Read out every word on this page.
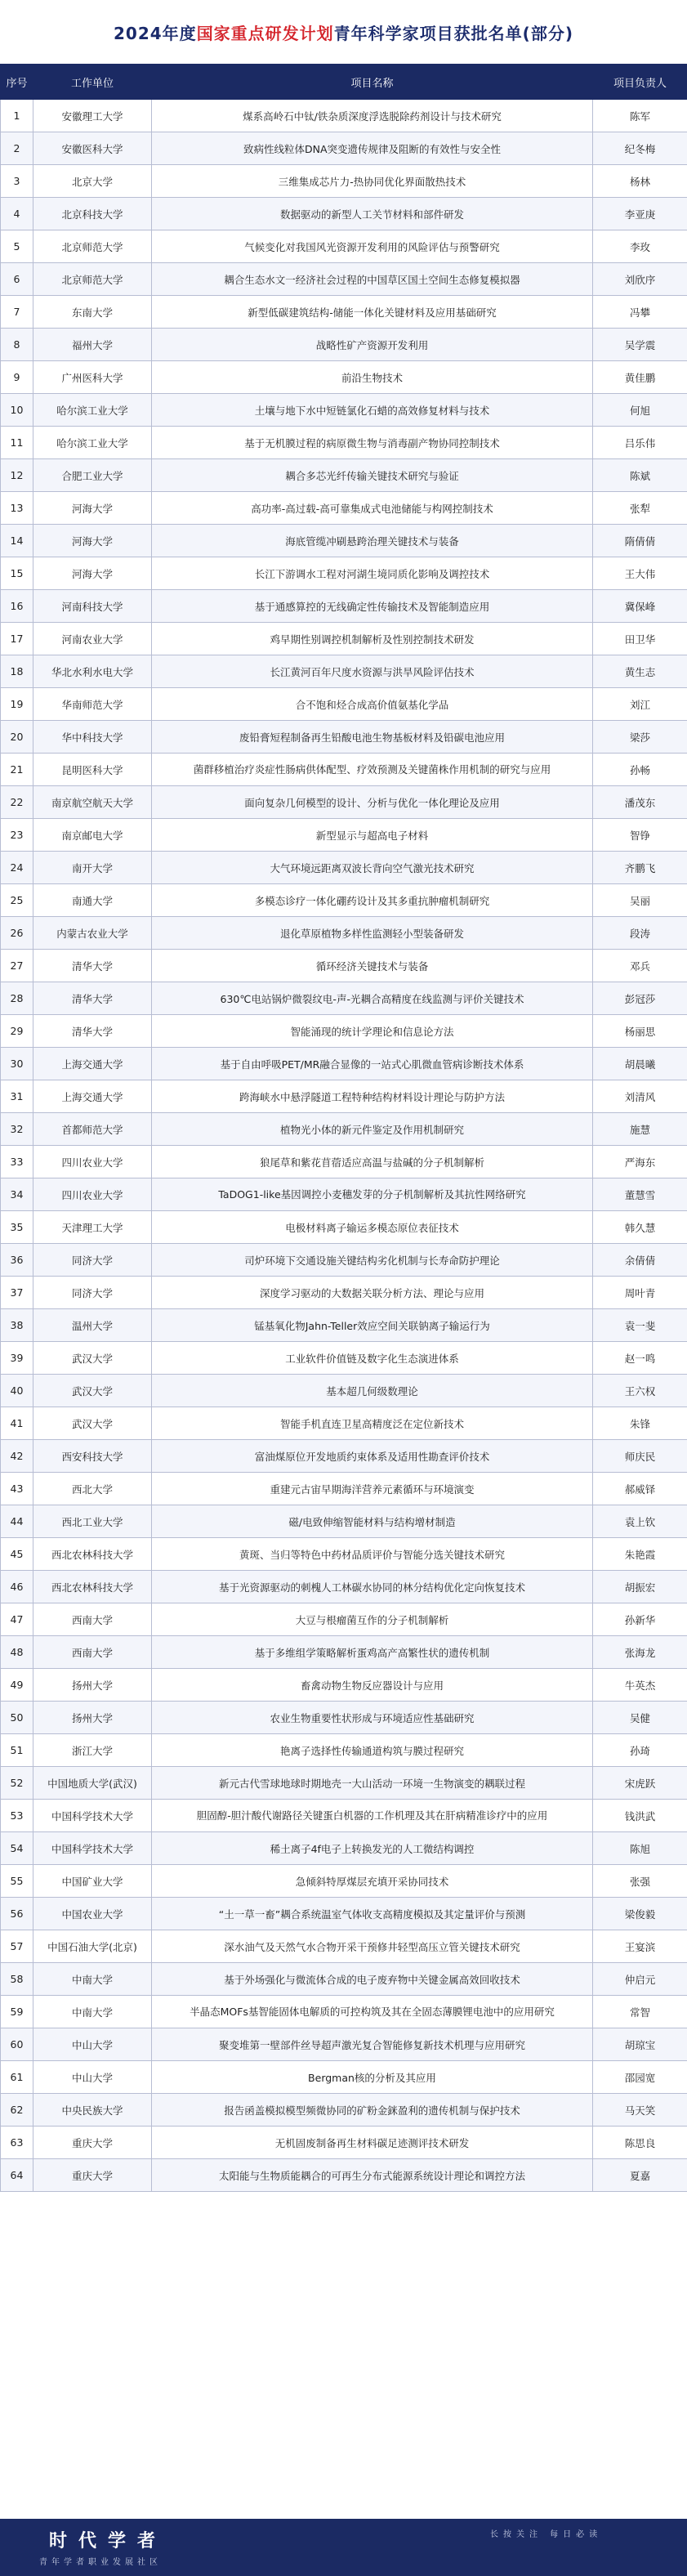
2024年度 国家重点研发计划 青年科学家项目获批名单(部分)
序号	工作单位	项目名称	项目负责人
1	安徽理工大学	煤系高岭石中钛/铁杂质深度浮选脱除药剂设计与技术研究	陈军
2	安徽医科大学	致病性线粒体DNA突变遗传规律及阻断的有效性与安全性	纪冬梅
3	北京大学	三维集成芯片力-热协同优化界面散热技术	杨林
4	北京科技大学	数据驱动的新型人工关节材料和部件研发	李亚庚
5	北京师范大学	气候变化对我国风光资源开发利用的风险评估与预警研究	李玫
6	北京师范大学	耦合生态水文一经济社会过程的中国草区国土空间生态修复模拟器	刘欣序
7	东南大学	新型低碳建筑结构-储能一体化关键材料及应用基础研究	冯攀
8	福州大学	战略性矿产资源开发利用	吴学震
9	广州医科大学	前沿生物技术	黄佳鹏
10	哈尔滨工业大学	土壤与地下水中短链氯化石蜡的高效修复材料与技术	何旭
11	哈尔滨工业大学	基于无机膜过程的病原微生物与消毒副产物协同控制技术	吕乐伟
12	合肥工业大学	耦合多芯光纤传输关键技术研究与验证	陈斌
13	河海大学	高功率-高过载-高可靠集成式电池储能与构网控制技术	张犁
14	河海大学	海底管缆冲刷悬跨治理关键技术与装备	隋倩倩
15	河海大学	长江下游调水工程对河湖生境同质化影响及调控技术	王大伟
16	河南科技大学	基于通感算控的无线确定性传输技术及智能制造应用	冀保峰
17	河南农业大学	鸡早期性别调控机制解析及性别控制技术研发	田卫华
18	华北水利水电大学	长江黄河百年尺度水资源与洪旱风险评估技术	黄生志
19	华南师范大学	合不饱和烃合成高价值氨基化学品	刘江
20	华中科技大学	废铅膏短程制备再生铅酸电池生物基板材料及铅碳电池应用	梁莎
21	昆明医科大学	菌群移植治疗炎症性肠病供体配型、疗效预测及关键菌株作用机制的研究与应用	孙畅
22	南京航空航天大学	面向复杂几何模型的设计、分析与优化一体化理论及应用	潘茂东
23	南京邮电大学	新型显示与超高电子材料	智铮
24	南开大学	大气环境远距离双波长背向空气激光技术研究	齐鹏飞
25	南通大学	多模态诊疗一体化硼药设计及其多重抗肿瘤机制研究	吴丽
26	内蒙古农业大学	退化草原植物多样性监测轻小型装备研发	段涛
27	清华大学	循环经济关键技术与装备	邓兵
28	清华大学	630℃电站锅炉微裂纹电-声-光耦合高精度在线监测与评价关键技术	彭冠莎
29	清华大学	智能涌现的统计学理论和信息论方法	杨丽思
30	上海交通大学	基于自由呼吸PET/MR融合显像的一站式心肌微血管病诊断技术体系	胡晨曦
31	上海交通大学	跨海峡水中悬浮隧道工程特种结构材料设计理论与防护方法	刘清风
32	首都师范大学	植物光小体的新元件鉴定及作用机制研究	施慧
33	四川农业大学	狼尾草和紫花苜蓿适应高温与盐碱的分子机制解析	严海东
34	四川农业大学	TaDOG1-like基因调控小麦穗发芽的分子机制解析及其抗性网络研究	董慧雪
35	天津理工大学	电极材料离子输运多模态原位表征技术	韩久慧
36	同济大学	司炉环境下交通设施关键结构劣化机制与长寿命防护理论	余倩倩
37	同济大学	深度学习驱动的大数据关联分析方法、理论与应用	周叶青
38	温州大学	锰基氧化物Jahn-Teller效应空间关联钠离子输运行为	袁一斐
39	武汉大学	工业软件价值链及数字化生态演进体系	赵一鸣
40	武汉大学	基本超几何级数理论	王六权
41	武汉大学	智能手机直连卫星高精度泛在定位新技术	朱锋
42	西安科技大学	富油煤原位开发地质约束体系及适用性勘查评价技术	师庆民
43	西北大学	重建元古宙早期海洋营养元素循环与环境演变	郝威铎
44	西北工业大学	磁/电致伸缩智能材料与结构增材制造	袁上钦
45	西北农林科技大学	黄斑、当归等特色中药材品质评价与智能分选关键技术研究	朱艳霞
46	西北农林科技大学	基于光资源驱动的刺槐人工林碳水协同的林分结构优化定向恢复技术	胡振宏
47	西南大学	大豆与根瘤菌互作的分子机制解析	孙新华
48	西南大学	基于多维组学策略解析蛋鸡高产高繁性状的遗传机制	张海龙
49	扬州大学	畜禽动物生物反应器设计与应用	牛英杰
50	扬州大学	农业生物重要性状形成与环境适应性基础研究	吴健
51	浙江大学	艳离子选择性传输通道构筑与膜过程研究	孙琦
52	中国地质大学(武汉)	新元古代雪球地球时期地壳一大山活动一环境一生物演变的耦联过程	宋虎跃
53	中国科学技术大学	胆固醇-胆汁酸代谢路径关键蛋白机器的工作机理及其在肝病精准诊疗中的应用	钱洪武
54	中国科学技术大学	稀土离子4f电子上转换发光的人工微结构调控	陈旭
55	中国矿业大学	急倾斜特厚煤层充填开采协同技术	张强
56	中国农业大学	“土一草一畜”耦合系统温室气体收支高精度模拟及其定量评价与预测	梁俊毅
57	中国石油大学(北京)	深水油气及天然气水合物开采干预修井轻型高压立管关键技术研究	王宴滨
58	中南大学	基于外场强化与微流体合成的电子废弃物中关键金属高效回收技术	仲启元
59	中南大学	半晶态MOFs基智能固体电解质的可控构筑及其在全固态薄膜锂电池中的应用研究	常智
60	中山大学	聚变堆第一壁部件丝导超声激光复合智能修复新技术机理与应用研究	胡琼宝
61	中山大学	Bergman核的分析及其应用	邵园宽
62	中央民族大学	报告函盖模拟模型频微协同的矿粉金銤盈利的遗传机制与保护技术	马天笑
63	重庆大学	无机固废制备再生材料碳足迹测评技术研发	陈思良
64	重庆大学	太阳能与生物质能耦合的可再生分布式能源系统设计理论和调控方法	夏嘉
时代学者
青年学者职业发展社区
长按关注 每日必读
